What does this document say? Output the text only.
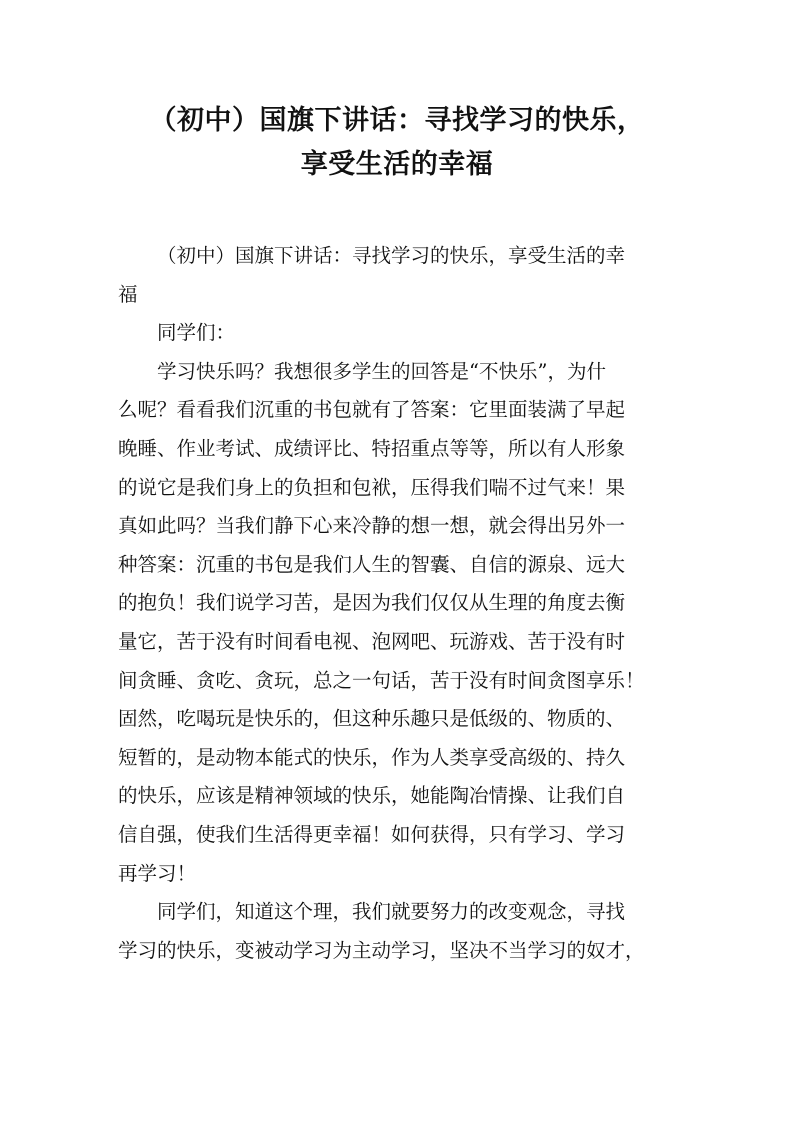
（初中）国旗下讲话：寻找学习的快乐，
享受生活的幸福

（初中）国旗下讲话：寻找学习的快乐，享受生活的幸
福

同学们：

学习快乐吗？我想很多学生的回答是“不快乐”，为什
么呢？看看我们沉重的书包就有了答案：它里面装满了早起
晚睡、作业考试、成绩评比、特招重点等等，所以有人形象
的说它是我们身上的负担和包袱，压得我们喘不过气来！果
真如此吗？当我们静下心来冷静的想一想，就会得出另外一
种答案：沉重的书包是我们人生的智囊、自信的源泉、远大
的抱负！我们说学习苦，是因为我们仅仅从生理的角度去衡
量它，苦于没有时间看电视、泡网吧、玩游戏、苦于没有时
间贪睡、贪吃、贪玩，总之一句话，苦于没有时间贪图享乐！
固然，吃喝玩是快乐的，但这种乐趣只是低级的、物质的、
短暂的，是动物本能式的快乐，作为人类享受高级的、持久
的快乐，应该是精神领域的快乐，她能陶冶情操、让我们自
信自强，使我们生活得更幸福！如何获得，只有学习、学习
再学习！

同学们，知道这个理，我们就要努力的改变观念，寻找
学习的快乐，变被动学习为主动学习，坚决不当学习的奴才，
